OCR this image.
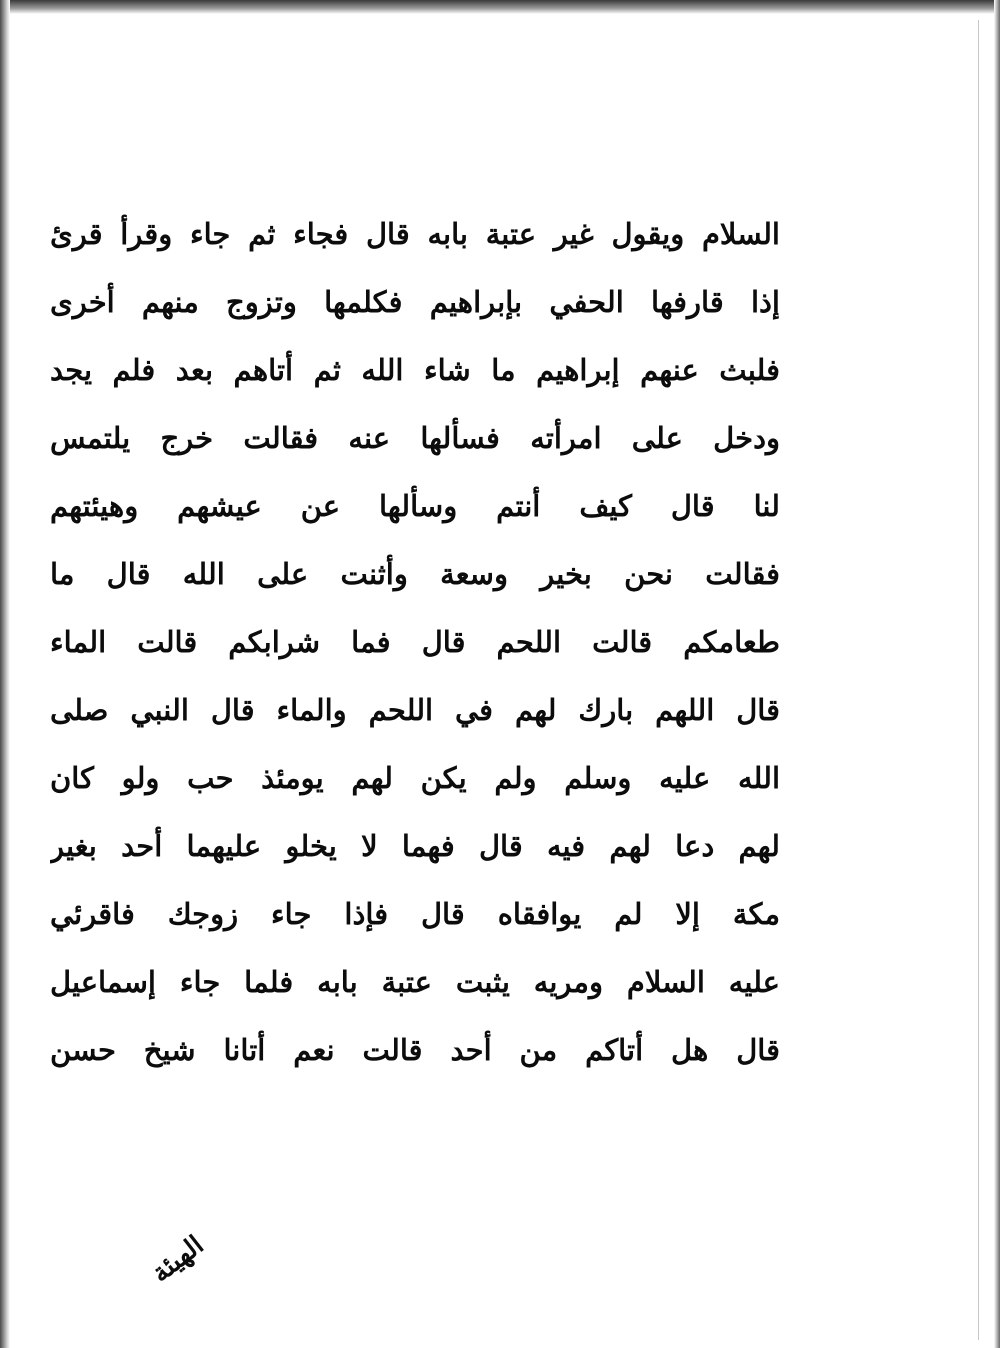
السلام ويقول غير عتبة بابه قال فجاء ثم جاء وقرأ قرئ
إذا قارفها الحفي بإبراهيم فكلمها وتزوج منهم أخرى
فلبث عنهم إبراهيم ما شاء الله ثم أتاهم بعد فلم يجد
ودخل على امرأته فسألها عنه فقالت خرج يلتمس
لنا قال كيف أنتم وسألها عن عيشهم وهيئتهم
فقالت نحن بخير وسعة وأثنت على الله قال ما
طعامكم قالت اللحم قال فما شرابكم قالت الماء
قال اللهم بارك لهم في اللحم والماء قال النبي صلى
الله عليه وسلم ولم يكن لهم يومئذ حب ولو كان
لهم دعا لهم فيه قال فهما لا يخلو عليهما أحد بغير
مكة إلا لم يوافقاه قال فإذا جاء زوجك فاقرئي
عليه السلام ومريه يثبت عتبة بابه فلما جاء إسماعيل
قال هل أتاكم من أحد قالت نعم أتانا شيخ حسن
الهيئة
